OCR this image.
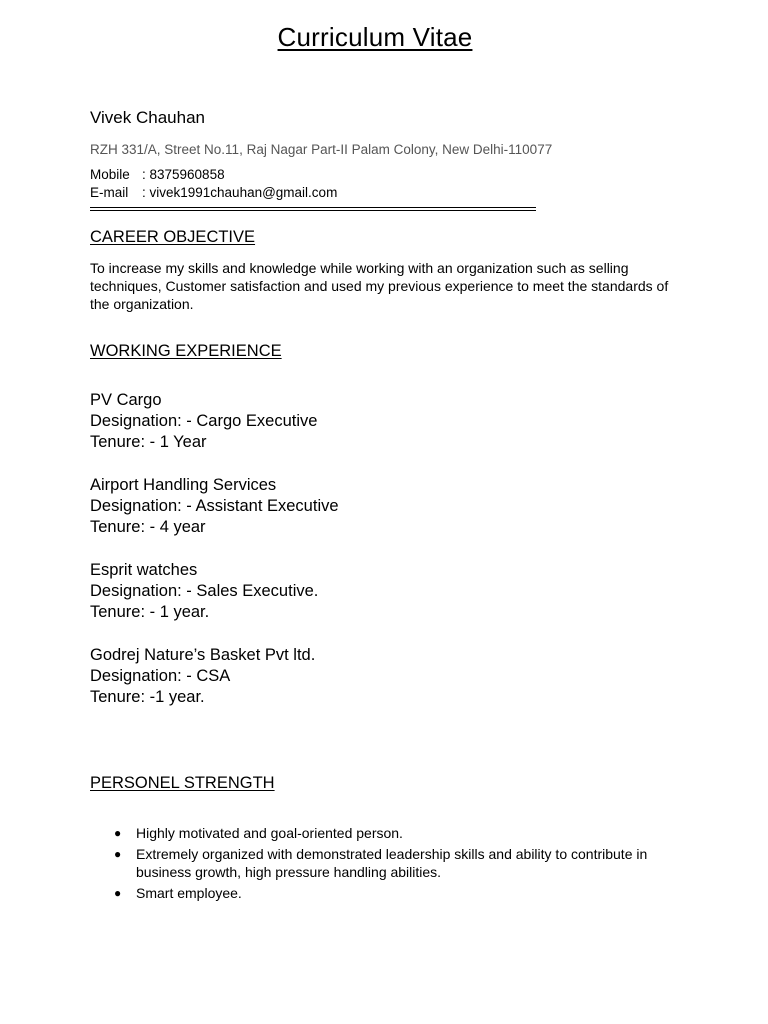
Curriculum Vitae
Vivek Chauhan
RZH 331/A, Street No.11, Raj Nagar Part-II Palam Colony, New Delhi-110077
Mobile : 8375960858
E-mail : vivek1991chauhan@gmail.com
CAREER OBJECTIVE
To increase my skills and knowledge while working with an organization such as selling techniques, Customer satisfaction and used my previous experience to meet the standards of the organization.
WORKING EXPERIENCE
PV Cargo
Designation: - Cargo Executive
Tenure: - 1 Year
Airport Handling Services
Designation: - Assistant Executive
Tenure: - 4 year
Esprit watches
Designation: - Sales Executive.
Tenure: - 1 year.
Godrej Nature’s Basket Pvt ltd.
Designation: - CSA
Tenure: -1 year.
PERSONEL STRENGTH
● Highly motivated and goal-oriented person.
● Extremely organized with demonstrated leadership skills and ability to contribute in business growth, high pressure handling abilities.
● Smart employee.
